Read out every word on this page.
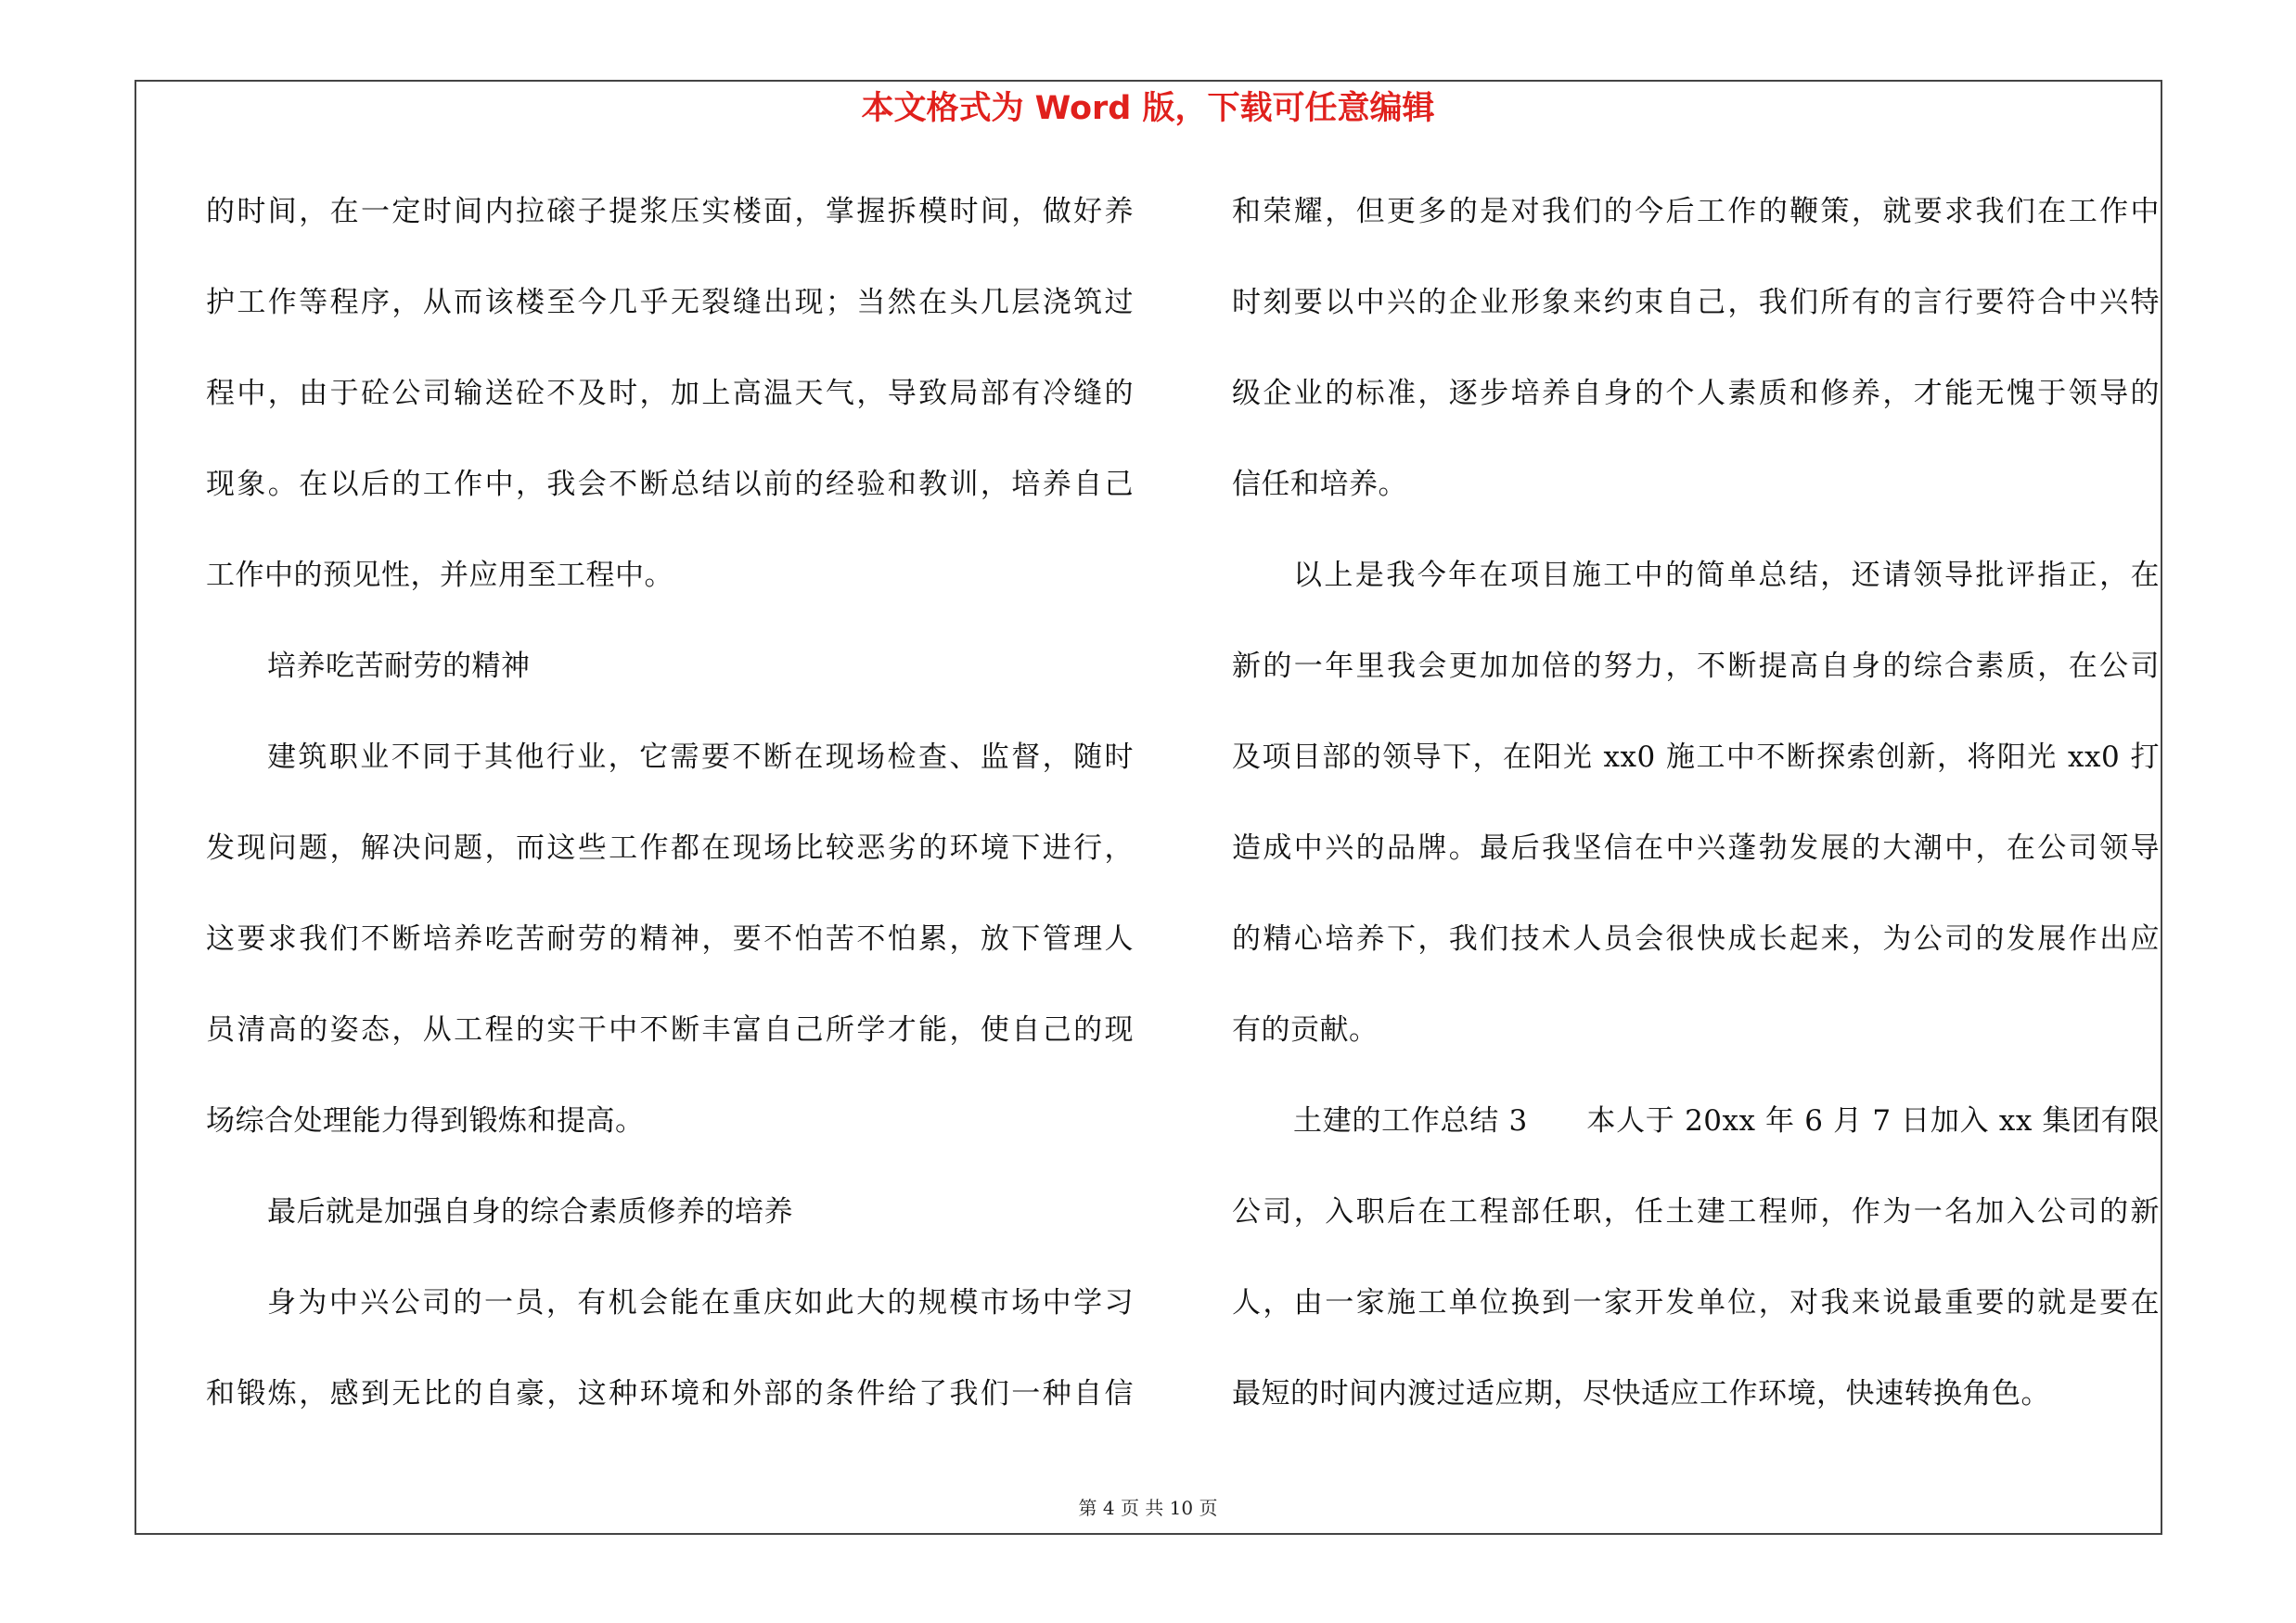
本文格式为 Word 版，下载可任意编辑
的时间，在一定时间内拉磙子提浆压实楼面，掌握拆模时间，做好养
护工作等程序，从而该楼至今几乎无裂缝出现；当然在头几层浇筑过
程中，由于砼公司输送砼不及时，加上高温天气，导致局部有冷缝的
现象。在以后的工作中，我会不断总结以前的经验和教训，培养自己
工作中的预见性，并应用至工程中。
培养吃苦耐劳的精神
建筑职业不同于其他行业，它需要不断在现场检查、监督，随时
发现问题，解决问题，而这些工作都在现场比较恶劣的环境下进行，
这要求我们不断培养吃苦耐劳的精神，要不怕苦不怕累，放下管理人
员清高的姿态，从工程的实干中不断丰富自己所学才能，使自己的现
场综合处理能力得到锻炼和提高。
最后就是加强自身的综合素质修养的培养
身为中兴公司的一员，有机会能在重庆如此大的规模市场中学习
和锻炼，感到无比的自豪，这种环境和外部的条件给了我们一种自信
和荣耀，但更多的是对我们的今后工作的鞭策，就要求我们在工作中
时刻要以中兴的企业形象来约束自己，我们所有的言行要符合中兴特
级企业的标准，逐步培养自身的个人素质和修养，才能无愧于领导的
信任和培养。
以上是我今年在项目施工中的简单总结，还请领导批评指正，在
新的一年里我会更加加倍的努力，不断提高自身的综合素质，在公司
及项目部的领导下，在阳光 xx0 施工中不断探索创新，将阳光 xx0 打
造成中兴的品牌。最后我坚信在中兴蓬勃发展的大潮中，在公司领导
的精心培养下，我们技术人员会很快成长起来，为公司的发展作出应
有的贡献。
土建的工作总结 3　　本人于 20xx 年 6 月 7 日加入 xx 集团有限
公司，入职后在工程部任职，任土建工程师，作为一名加入公司的新
人，由一家施工单位换到一家开发单位，对我来说最重要的就是要在
最短的时间内渡过适应期，尽快适应工作环境，快速转换角色。
第 4 页 共 10 页
